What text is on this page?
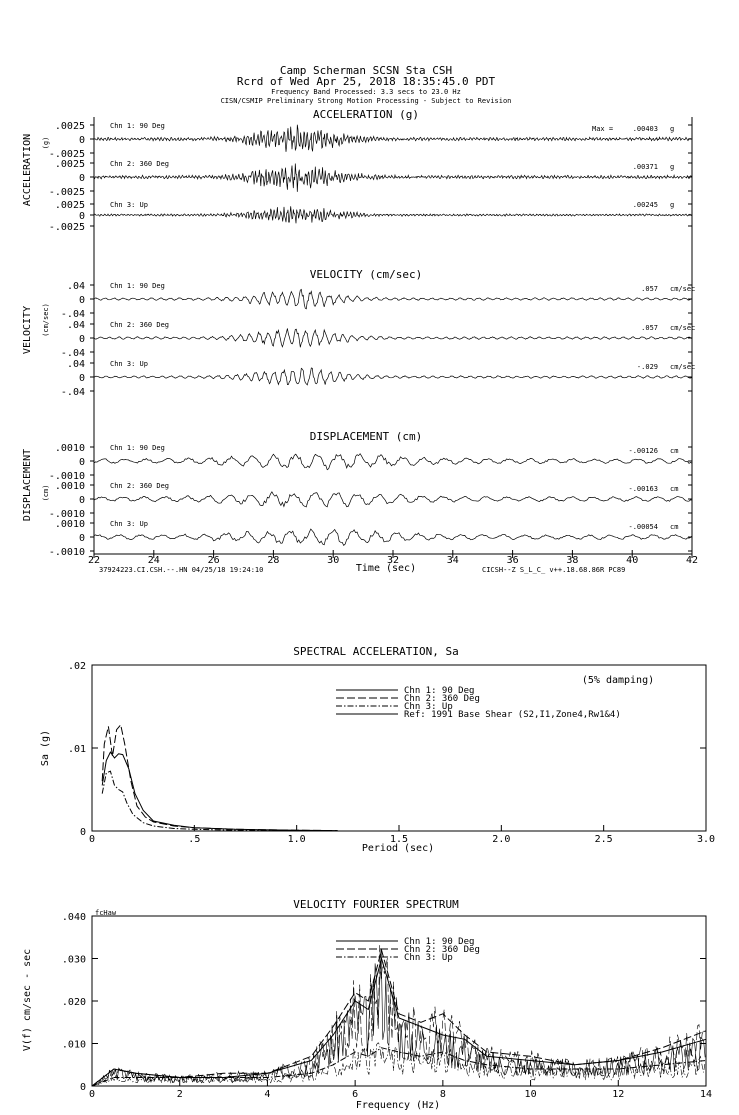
Camp Scherman SCSN Sta CSH
Rcrd of Wed Apr 25, 2018 18:35:45.0 PDT
Frequency Band Processed: 3.3 secs to 23.0 Hz
CISN/CSMIP Preliminary Strong Motion Processing - Subject to Revision
ACCELERATION (g)
VELOCITY (cm/sec)
DISPLACEMENT (cm)
ACCELERATION (g)
VELOCITY (cm/sec)
DISPLACEMENT (cm)
.0025
0
-.0025
Chn 1: 90 Deg	Max =	.00403 g
.0025
0
-.0025
Chn 2: 360 Deg	.00371 g
.0025
0
-.0025
Chn 3: Up	.00245 g
.04
0
-.04
Chn 1: 90 Deg	.057 cm/sec
.04
0
-.04
Chn 2: 360 Deg	.057 cm/sec
.04
0
-.04
Chn 3: Up	-.029 cm/sec
.0010
0
-.0010
Chn 1: 90 Deg	-.00126 cm
.0010
0
-.0010
Chn 2: 360 Deg	-.00163 cm
.0010
0
-.0010
Chn 3: Up	-.00054 cm
22	24	26	28	30	32	34	36	38	40	42
Time (sec)
37924223.CI.CSH.--.HN 04/25/18 19:24:10	CICSH--Z S_L_C_ v++.18.68.86R PC89
SPECTRAL ACCELERATION, Sa
Sa (g)
Period (sec)
(5% damping)
0	.5	1.0	1.5	2.0	2.5	3.0
0
.01
.02
Chn 1: 90 Deg
Chn 2: 360 Deg
Chn 3: Up
Ref: 1991 Base Shear (S2,I1,Zone4,Rw1&4)
VELOCITY FOURIER SPECTRUM
fcHaw
V(f) cm/sec - sec
Frequency (Hz)
0	2	4	6	8	10	12	14
0
.010
.020
.030
.040
Chn 1: 90 Deg
Chn 2: 360 Deg
Chn 3: Up
